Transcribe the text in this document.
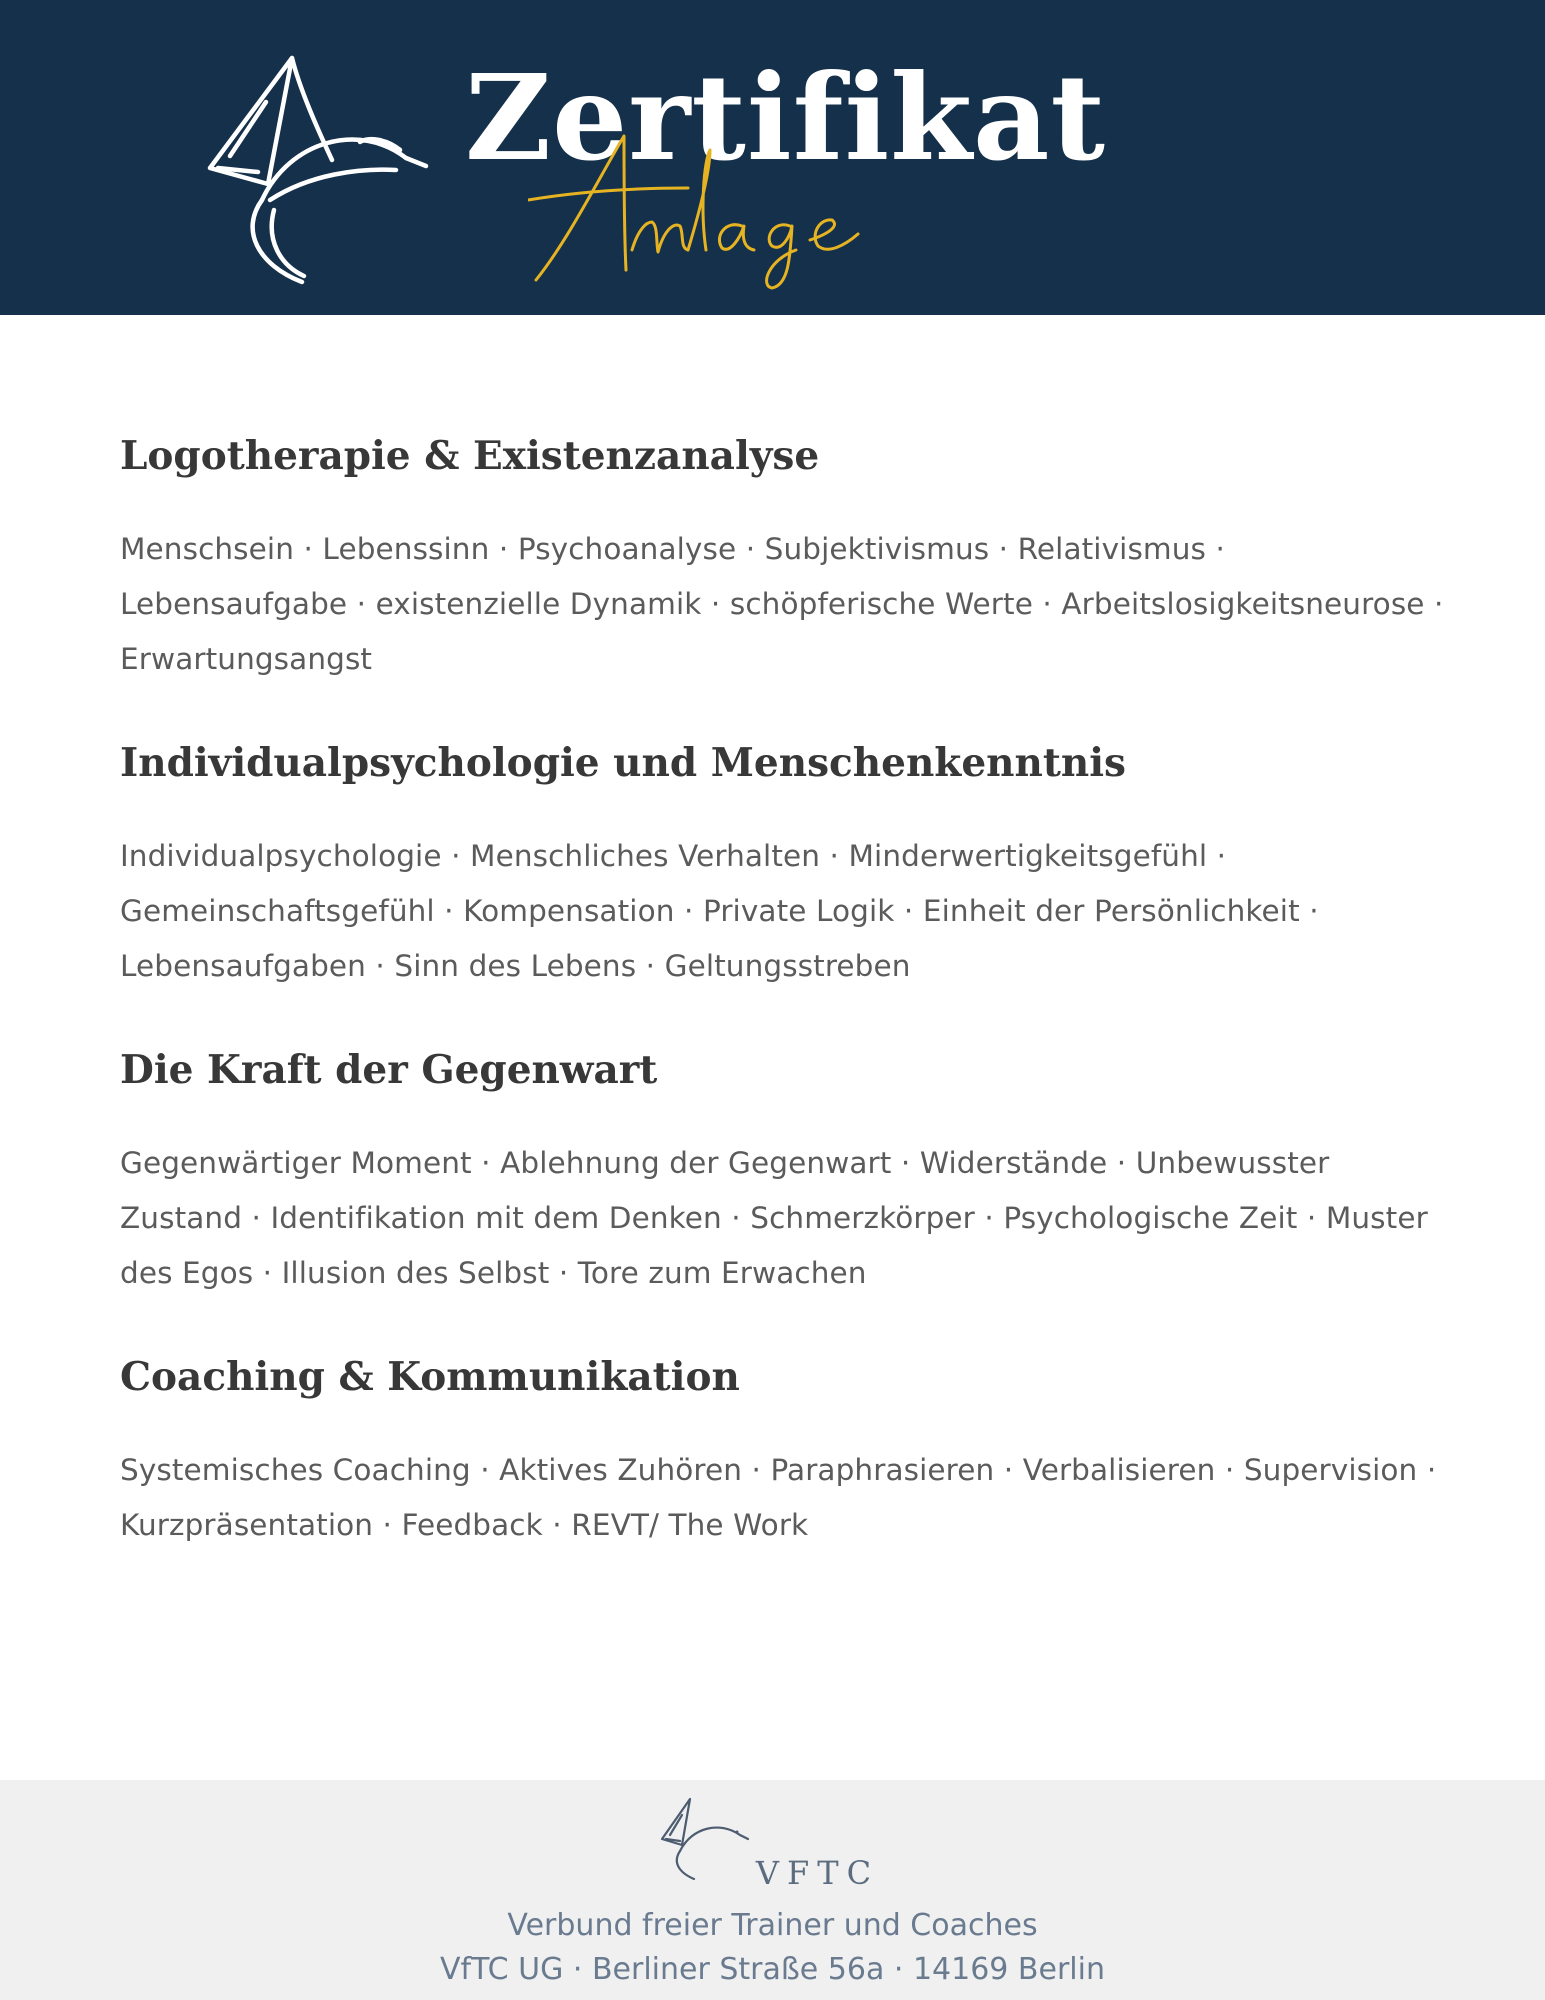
Zertifikat
Logotherapie & Existenzanalyse

Menschsein · Lebenssinn · Psychoanalyse · Subjektivismus · Relativismus · Lebensaufgabe · existenzielle Dynamik · schöpferische Werte · Arbeitslosigkeitsneurose · Erwartungsangst

Individualpsychologie und Menschenkenntnis

Individualpsychologie · Menschliches Verhalten · Minderwertigkeitsgefühl · Gemeinschaftsgefühl · Kompensation · Private Logik · Einheit der Persönlichkeit · Lebensaufgaben · Sinn des Lebens · Geltungsstreben

Die Kraft der Gegenwart

Gegenwärtiger Moment · Ablehnung der Gegenwart · Widerstände · Unbewusster Zustand · Identifikation mit dem Denken · Schmerzkörper · Psychologische Zeit · Muster des Egos · Illusion des Selbst · Tore zum Erwachen

Coaching & Kommunikation

Systemisches Coaching · Aktives Zuhören · Paraphrasieren · Verbalisieren · Supervision · Kurzpräsentation · Feedback · REVT/ The Work

VFTC
Verbund freier Trainer und Coaches
VfTC UG · Berliner Straße 56a · 14169 Berlin
